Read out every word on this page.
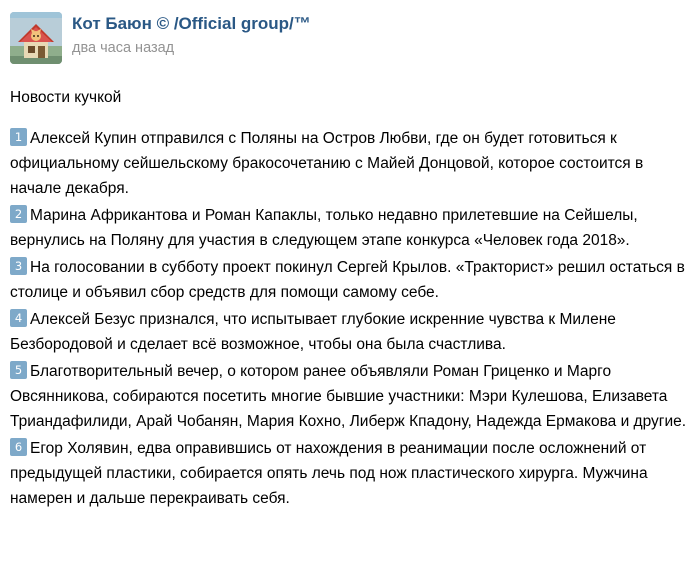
Кот Баюн © /Official group/™
два часа назад

Новости кучкой

1 Алексей Купин отправился с Поляны на Остров Любви, где он будет готовиться к официальному сейшельскому бракосочетанию с Майей Донцовой, которое состоится в начале декабря.
2 Марина Африкантова и Роман Капаклы, только недавно прилетевшие на Сейшелы, вернулись на Поляну для участия в следующем этапе конкурса «Человек года 2018».
3 На голосовании в субботу проект покинул Сергей Крылов. «Тракторист» решил остаться в столице и объявил сбор средств для помощи самому себе.
4 Алексей Безус признался, что испытывает глубокие искренние чувства к Милене Безбородовой и сделает всё возможное, чтобы она была счастлива.
5 Благотворительный вечер, о котором ранее объявляли Роман Гриценко и Марго Овсянникова, собираются посетить многие бывшие участники: Мэри Кулешова, Елизавета Триандафилиди, Арай Чобанян, Мария Кохно, Либерж Кпадону, Надежда Ермакова и другие.
6 Егор Холявин, едва оправившись от нахождения в реанимации после осложнений от предыдущей пластики, собирается опять лечь под нож пластического хирурга. Мужчина намерен и дальше перекраивать себя.
